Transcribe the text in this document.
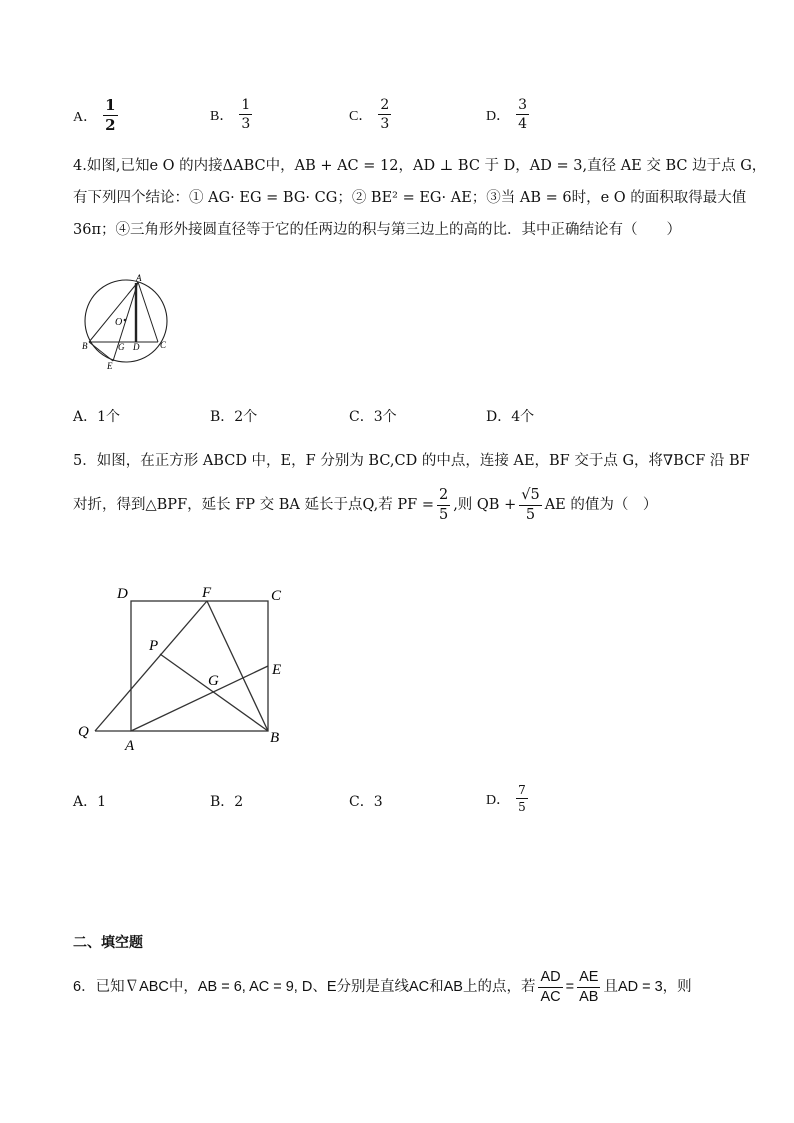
A． $\frac{1}{2}$	B． $\frac{1}{3}$	C． $\frac{2}{3}$	D． $\frac{3}{4}$
4.如图,已知e O 的内接ΔABC中，AB + AC = 12，AD ⊥ BC 于 D，AD = 3,直径 AE 交 BC 边于点 G，
有下列四个结论：① AG· EG = BG· CG；② BE² = EG· AE；③当 AB = 6时，e O 的面积取得最大值
36π；④三角形外接圆直径等于它的任两边的积与第三边上的高的比．其中正确结论有（　　）
A
O
B	G D C
E
A．1个	B．2个	C．3个	D．4个
5．如图，在正方形 ABCD 中，E，F 分别为 BC,CD 的中点，连接 AE，BF 交于点 G，将∇BCF 沿 BF
对折，得到△BPF，延长 FP 交 BA 延长于点Q,若 PF = $\frac{2}{5}$ ,则 QB + $\frac{√5}{5}$ AE 的值为（　）
D	F	C
P
E
G
Q
A	B
A．1	B．2	C．3	D． $\frac{7}{5}$
二、填空题
6．已知∇ABC中，AB = 6, AC = 9, D、E分别是直线AC和AB上的点，若 $\frac{AD}{AC} = \frac{AE}{AB}$ 且AD = 3，则
